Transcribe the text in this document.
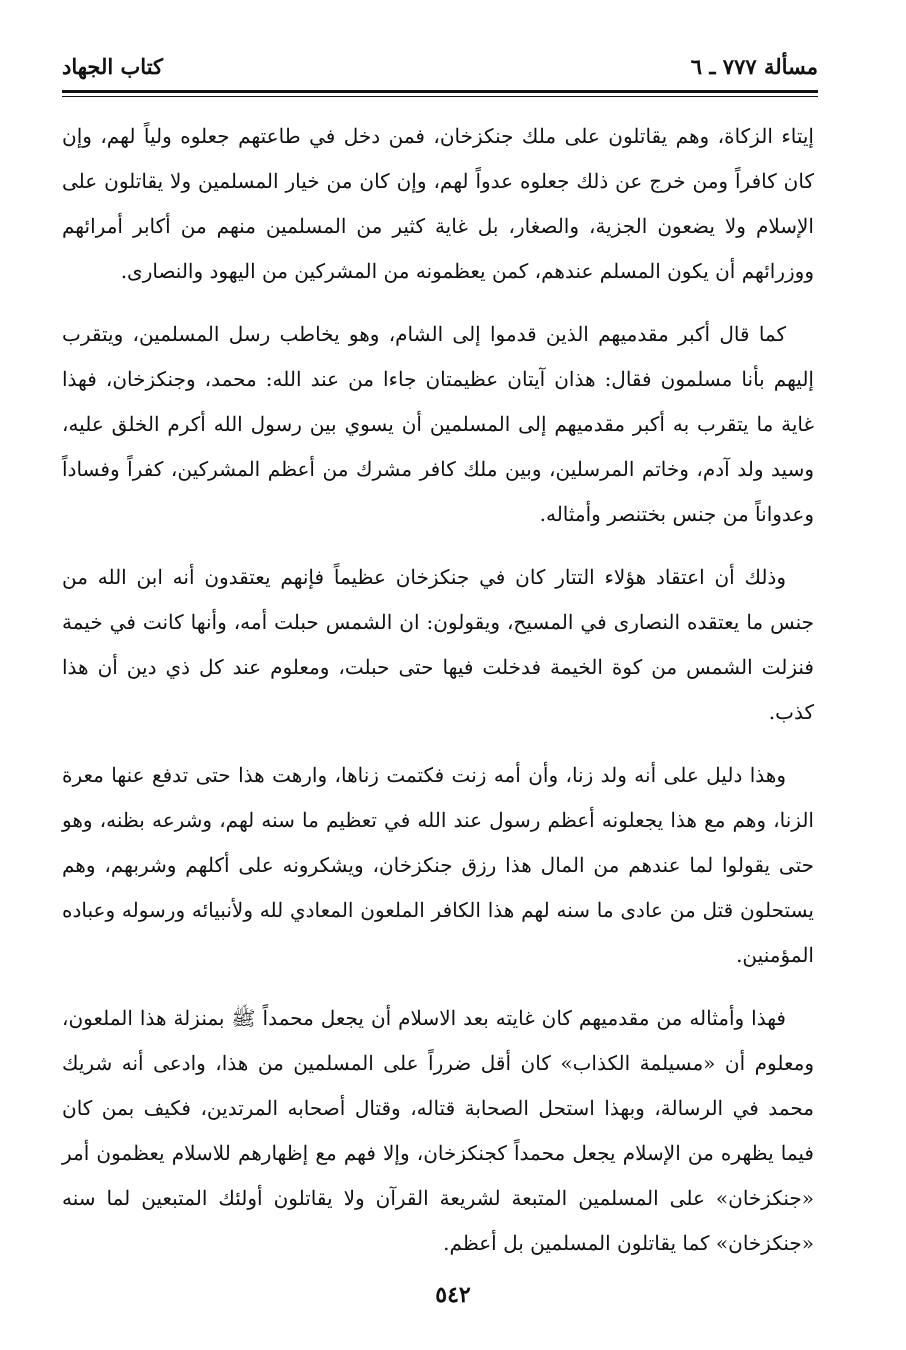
مسألة ٧٧٧ ـ ٦
كتاب الجهاد

إيتاء الزكاة، وهم يقاتلون على ملك جنكزخان، فمن دخل في طاعتهم جعلوه ولياً لهم، وإن كان كافراً ومن خرج عن ذلك جعلوه عدواً لهم، وإن كان من خيار المسلمين ولا يقاتلون على الإسلام ولا يضعون الجزية، والصغار، بل غاية كثير من المسلمين منهم من أكابر أمرائهم ووزرائهم أن يكون المسلم عندهم، كمن يعظمونه من المشركين من اليهود والنصارى.

كما قال أكبر مقدميهم الذين قدموا إلى الشام، وهو يخاطب رسل المسلمين، ويتقرب إليهم بأنا مسلمون فقال: هذان آيتان عظيمتان جاءا من عند الله: محمد، وجنكزخان، فهذا غاية ما يتقرب به أكبر مقدميهم إلى المسلمين أن يسوي بين رسول الله أكرم الخلق عليه، وسيد ولد آدم، وخاتم المرسلين، وبين ملك كافر مشرك من أعظم المشركين، كفراً وفساداً وعدواناً من جنس بختنصر وأمثاله.

وذلك أن اعتقاد هؤلاء التتار كان في جنكزخان عظيماً فإنهم يعتقدون أنه ابن الله من جنس ما يعتقده النصارى في المسيح، ويقولون: ان الشمس حبلت أمه، وأنها كانت في خيمة فنزلت الشمس من كوة الخيمة فدخلت فيها حتى حبلت، ومعلوم عند كل ذي دين أن هذا كذب.

وهذا دليل على أنه ولد زنا، وأن أمه زنت فكتمت زناها، وارهت هذا حتى تدفع عنها معرة الزنا، وهم مع هذا يجعلونه أعظم رسول عند الله في تعظيم ما سنه لهم، وشرعه بظنه، وهو حتى يقولوا لما عندهم من المال هذا رزق جنكزخان، ويشكرونه على أكلهم وشربهم، وهم يستحلون قتل من عادى ما سنه لهم هذا الكافر الملعون المعادي لله ولأنبيائه ورسوله وعباده المؤمنين.

فهذا وأمثاله من مقدميهم كان غايته بعد الاسلام أن يجعل محمداً ﷺ بمنزلة هذا الملعون، ومعلوم أن «مسيلمة الكذاب» كان أقل ضرراً على المسلمين من هذا، وادعى أنه شريك محمد في الرسالة، وبهذا استحل الصحابة قتاله، وقتال أصحابه المرتدين، فكيف بمن كان فيما يظهره من الإسلام يجعل محمداً كجنكزخان، وإلا فهم مع إظهارهم للاسلام يعظمون أمر «جنكزخان» على المسلمين المتبعة لشريعة القرآن ولا يقاتلون أولئك المتبعين لما سنه «جنكزخان» كما يقاتلون المسلمين بل أعظم.

٥٤٢
